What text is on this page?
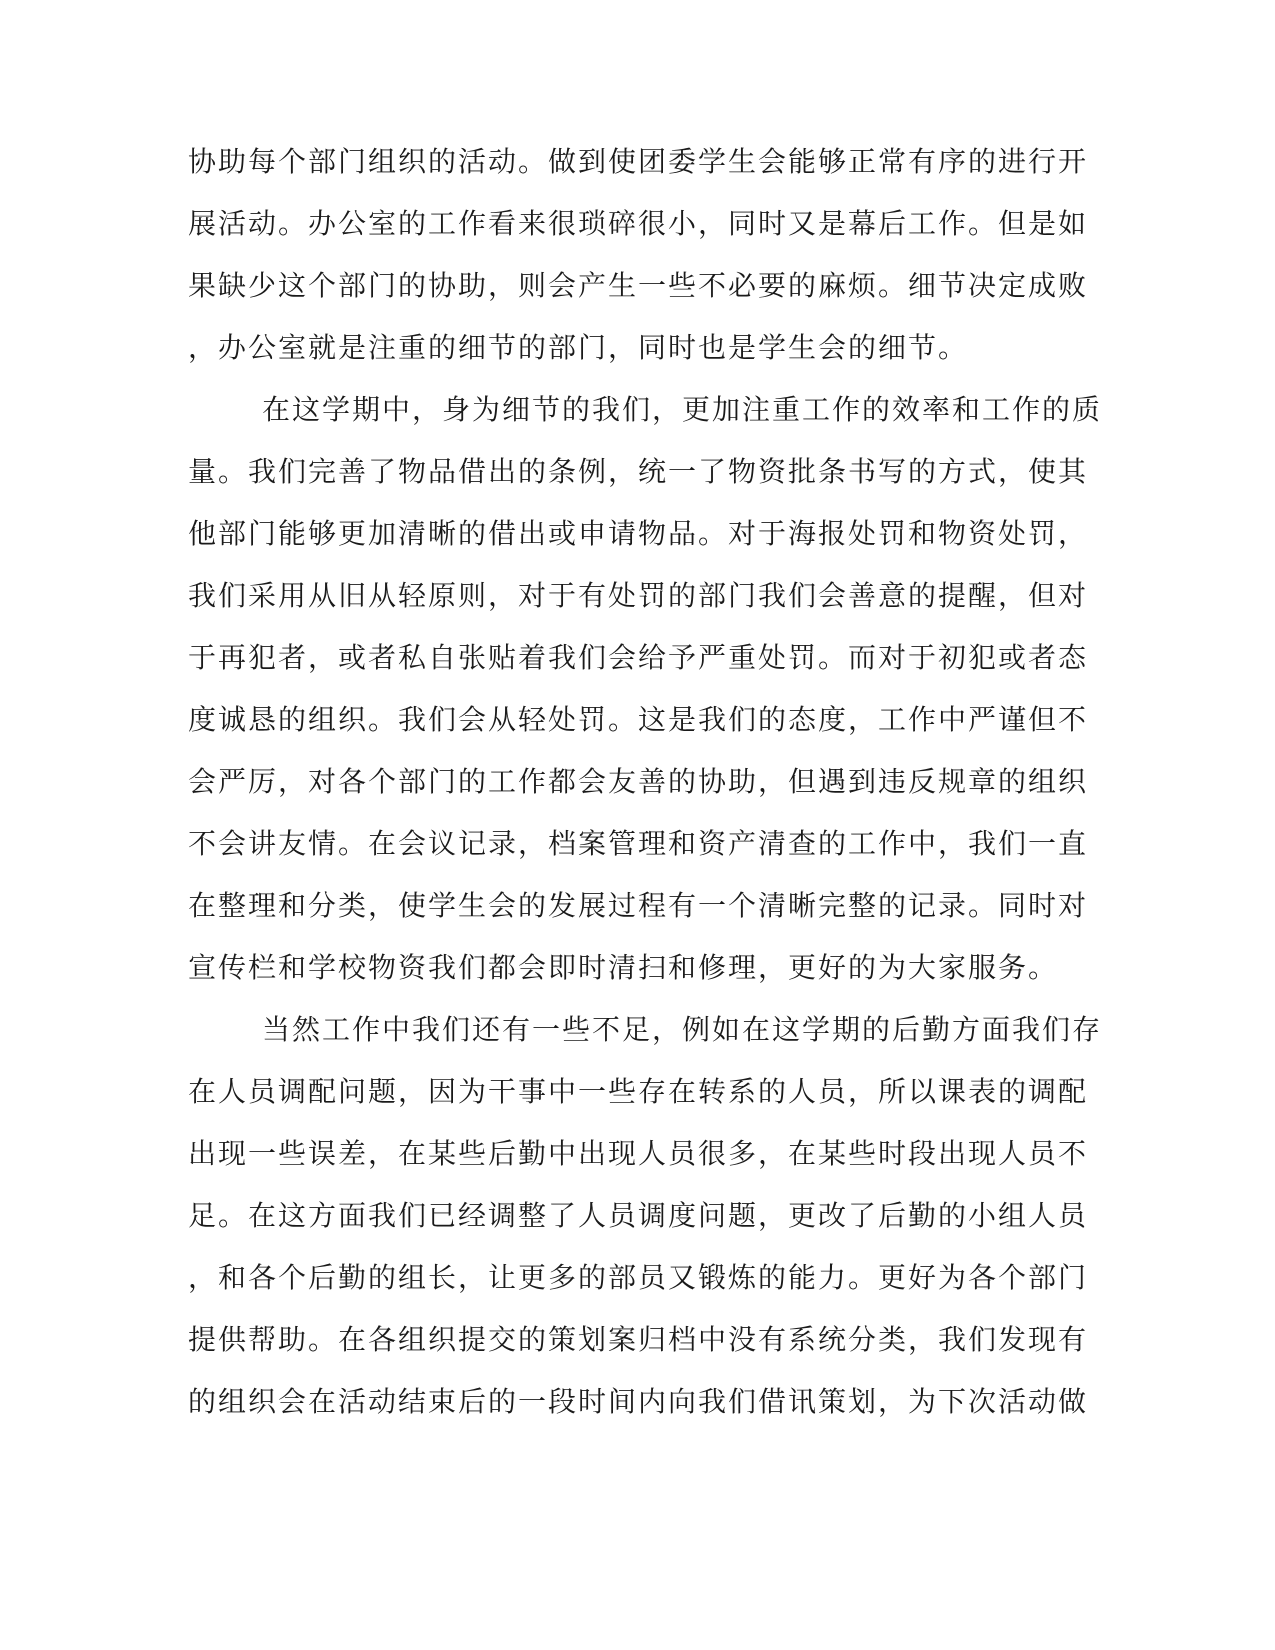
协助每个部门组织的活动。做到使团委学生会能够正常有序的进行开
展活动。办公室的工作看来很琐碎很小，同时又是幕后工作。但是如
果缺少这个部门的协助，则会产生一些不必要的麻烦。细节决定成败
，办公室就是注重的细节的部门，同时也是学生会的细节。
在这学期中，身为细节的我们，更加注重工作的效率和工作的质
量。我们完善了物品借出的条例，统一了物资批条书写的方式，使其
他部门能够更加清晰的借出或申请物品。对于海报处罚和物资处罚，
我们采用从旧从轻原则，对于有处罚的部门我们会善意的提醒，但对
于再犯者，或者私自张贴着我们会给予严重处罚。而对于初犯或者态
度诚恳的组织。我们会从轻处罚。这是我们的态度，工作中严谨但不
会严厉，对各个部门的工作都会友善的协助，但遇到违反规章的组织
不会讲友情。在会议记录，档案管理和资产清查的工作中，我们一直
在整理和分类，使学生会的发展过程有一个清晰完整的记录。同时对
宣传栏和学校物资我们都会即时清扫和修理，更好的为大家服务。
当然工作中我们还有一些不足，例如在这学期的后勤方面我们存
在人员调配问题，因为干事中一些存在转系的人员，所以课表的调配
出现一些误差，在某些后勤中出现人员很多，在某些时段出现人员不
足。在这方面我们已经调整了人员调度问题，更改了后勤的小组人员
，和各个后勤的组长，让更多的部员又锻炼的能力。更好为各个部门
提供帮助。在各组织提交的策划案归档中没有系统分类，我们发现有
的组织会在活动结束后的一段时间内向我们借讯策划，为下次活动做
